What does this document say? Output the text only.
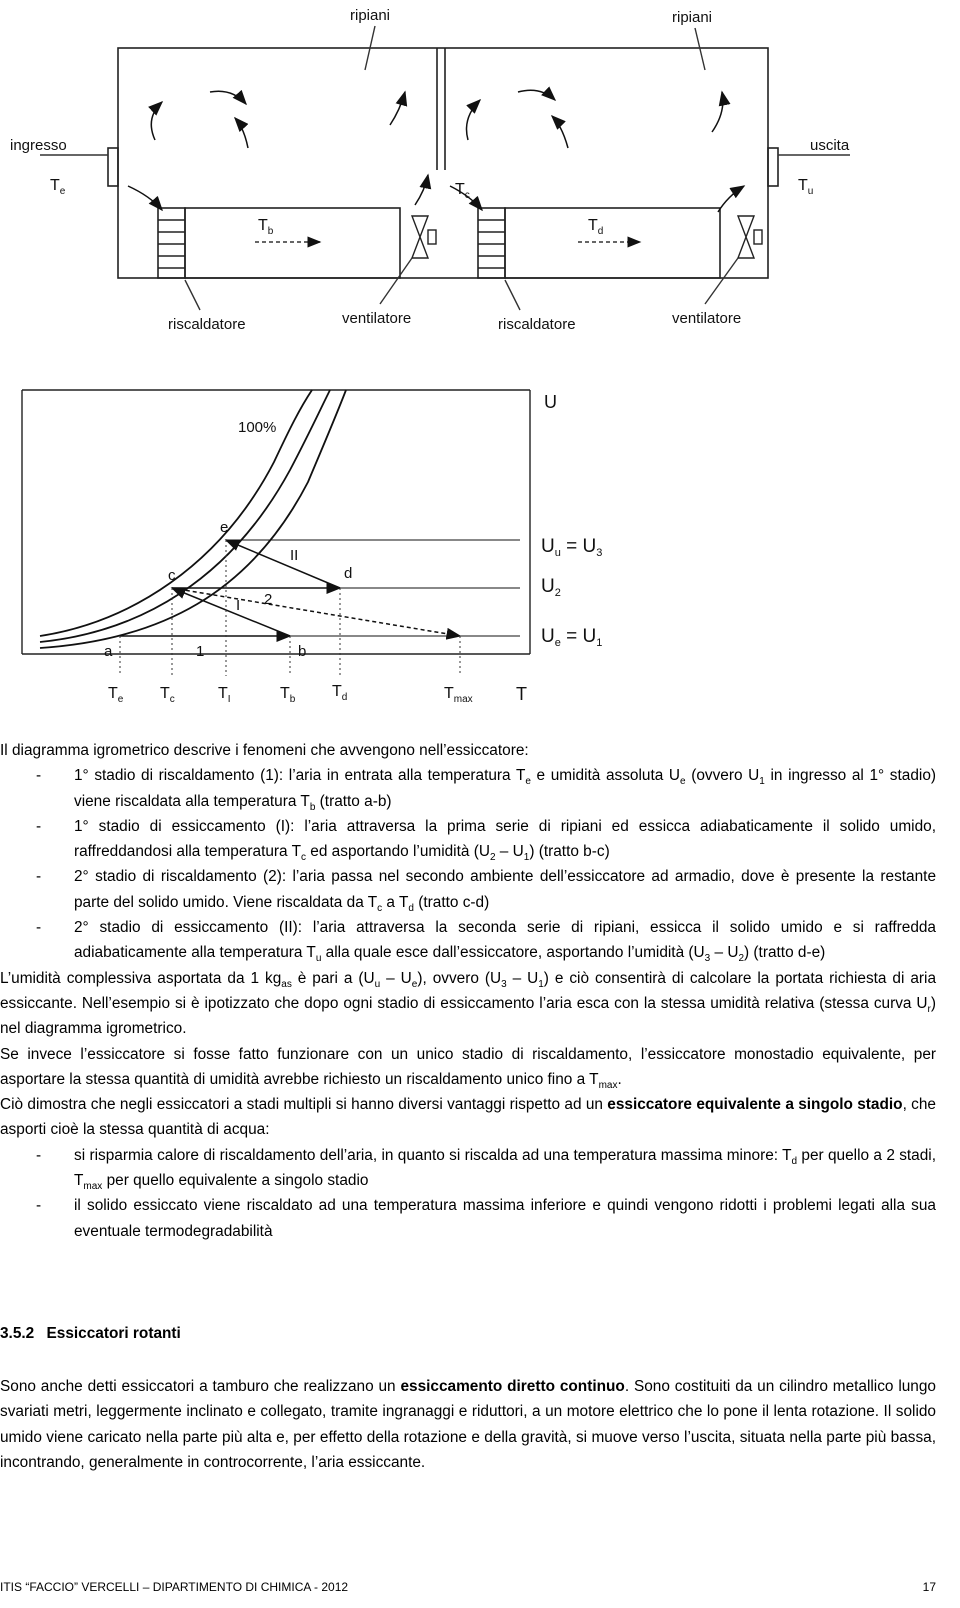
ripiani	ripiani
ingresso	uscita
riscaldatore	ventilatore	riscaldatore	ventilatore
$T_e$
$T_b$
$T_c$
$T_d$
$T_u$
100%
U
T
a	b
c	d
e
1
2
I
II	$U_u = U_3$
$U_2$
$U_e = U_1$
$T_e$ $T_c$	$T_I$	$T_b$ $T_d$	$T_{max}$

Il diagramma igrometrico descrive i fenomeni che avvengono nell’essiccatore:

- 1° stadio di riscaldamento (1): l’aria in entrata alla temperatura $T_e$ e umidità assoluta $U_e$ (ovvero $U_1$ in ingresso al 1° stadio) viene riscaldata alla temperatura $T_b$ (tratto a-b)
- 1° stadio di essiccamento (I): l’aria attraversa la prima serie di ripiani ed essicca adiabaticamente il solido umido, raffreddandosi alla temperatura $T_c$ ed asportando l’umidità $(U_2 - U_1)$ (tratto b-c)
- 2° stadio di riscaldamento (2): l’aria passa nel secondo ambiente dell’essiccatore ad armadio, dove è presente la restante parte del solido umido. Viene riscaldata da $T_c$ a $T_d$ (tratto c-d)
- 2° stadio di essiccamento (II): l’aria attraversa la seconda serie di ripiani, essicca il solido umido e si raffredda adiabaticamente alla temperatura $T_u$ alla quale esce dall’essiccatore, asportando l’umidità $(U_3 - U_2)$ (tratto d-e)

L’umidità complessiva asportata da 1 $kg_{as}$ è pari a $(U_u - U_e)$, ovvero $(U_3 - U_1)$ e ciò consentirà di calcolare la portata richiesta di aria essiccante. Nell’esempio si è ipotizzato che dopo ogni stadio di essiccamento l’aria esca con la stessa umidità relativa (stessa curva $U_r$) nel diagramma igrometrico.

Se invece l’essiccatore si fosse fatto funzionare con un unico stadio di riscaldamento, l’essiccatore monostadio equivalente, per asportare la stessa quantità di umidità avrebbe richiesto un riscaldamento unico fino a $T_{max}$.

Ciò dimostra che negli essiccatori a stadi multipli si hanno diversi vantaggi rispetto ad un essiccatore equivalente a singolo stadio, che asporti cioè la stessa quantità di acqua:

- si risparmia calore di riscaldamento dell’aria, in quanto si riscalda ad una temperatura massima minore: $T_d$ per quello a 2 stadi, $T_{max}$ per quello equivalente a singolo stadio
- il solido essiccato viene riscaldato ad una temperatura massima inferiore e quindi vengono ridotti i problemi legati alla sua eventuale termodegradabilità
3.5.2 Essiccatori rotanti
Sono anche detti essiccatori a tamburo che realizzano un essiccamento diretto continuo. Sono costituiti da un cilindro metallico lungo svariati metri, leggermente inclinato e collegato, tramite ingranaggi e riduttori, a un motore elettrico che lo pone il lenta rotazione. Il solido umido viene caricato nella parte più alta e, per effetto della rotazione e della gravità, si muove verso l’uscita, situata nella parte più bassa, incontrando, generalmente in controcorrente, l’aria essiccante.
ITIS “FACCIO” VERCELLI – DIPARTIMENTO DI CHIMICA - 2012	17
